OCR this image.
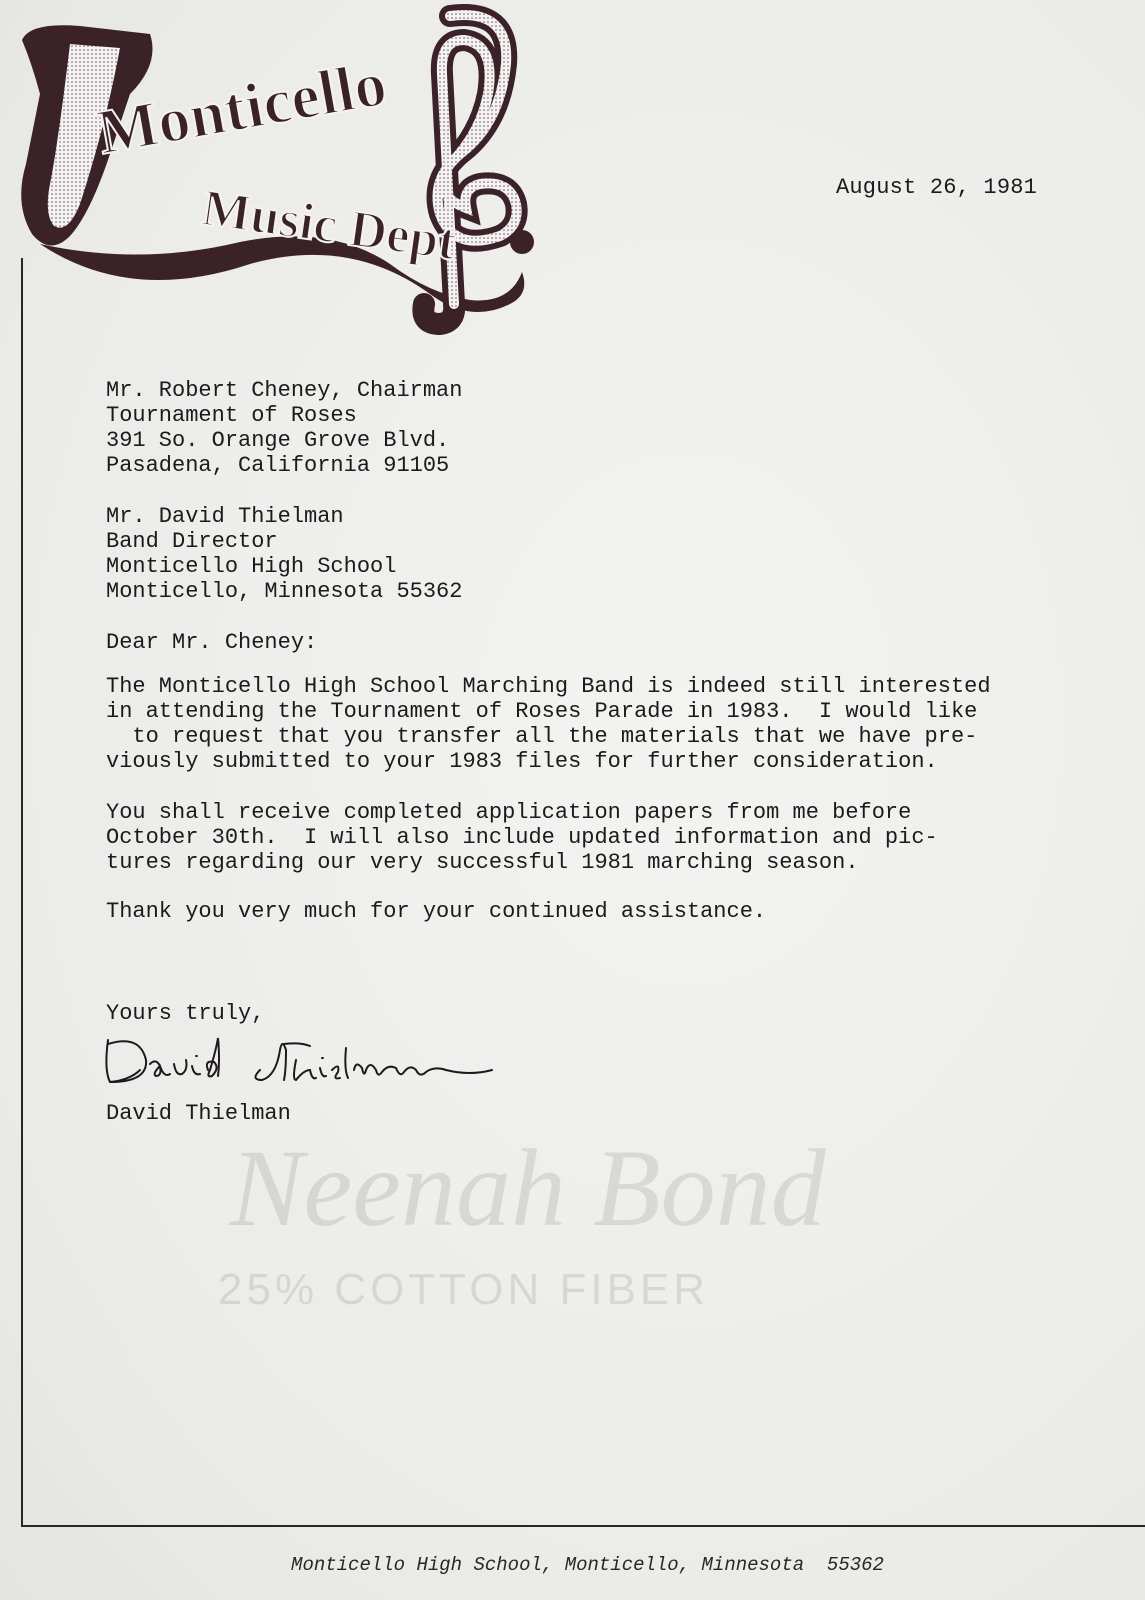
Monticello
Music Dept	August 26, 1981
Mr. Robert Cheney, Chairman
Tournament of Roses
391 So. Orange Grove Blvd.
Pasadena, California 91105
Mr. David Thielman
Band Director
Monticello High School
Monticello, Minnesota 55362
Dear Mr. Cheney:
The Monticello High School Marching Band is indeed still interested
in attending the Tournament of Roses Parade in 1983.  I would like
to request that you transfer all the materials that we have pre-
viously submitted to your 1983 files for further consideration.
You shall receive completed application papers from me before
October 30th.  I will also include updated information and pic-
tures regarding our very successful 1981 marching season.
Thank you very much for your continued assistance.
Yours truly,
David Thielman
Neenah Bond
25% COTTON FIBER
Monticello High School, Monticello, Minnesota  55362
